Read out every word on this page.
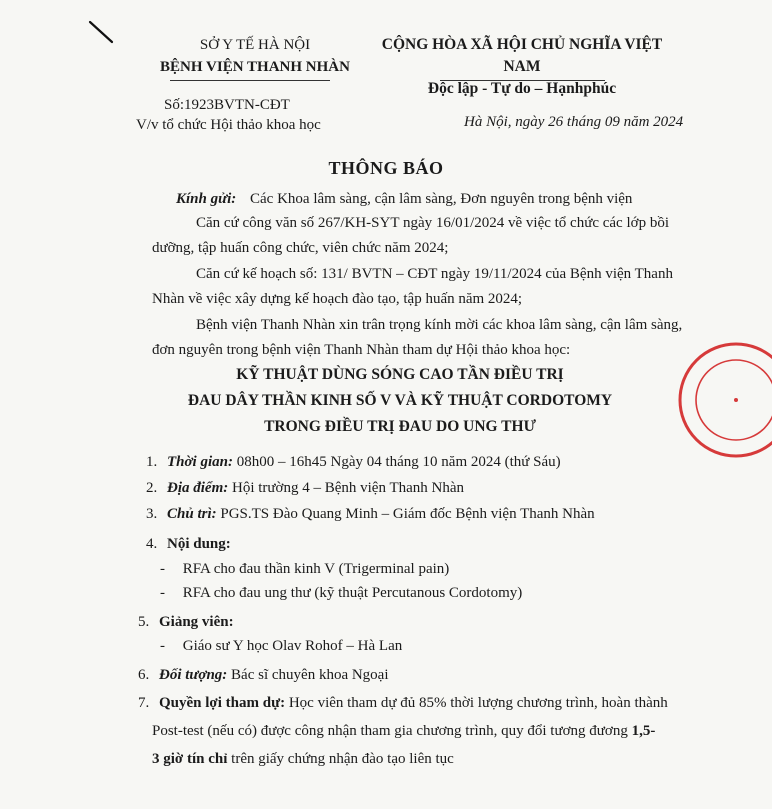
SỞ Y TẾ HÀ NỘI
BỆNH VIỆN THANH NHÀN
CỘNG HÒA XÃ HỘI CHỦ NGHĨA VIỆT NAM
Độc lập - Tự do – Hạnhphúc
Số:1923BVTN-CĐT
V/v tổ chức Hội thảo khoa học	Hà Nội, ngày 26 tháng 09 năm 2024
THÔNG BÁO
Kính gửi: Các Khoa lâm sàng, cận lâm sàng, Đơn nguyên trong bệnh viện
Căn cứ công văn số 267/KH-SYT ngày 16/01/2024 về việc tổ chức các lớp bồi
dưỡng, tập huấn công chức, viên chức năm 2024;
Căn cứ kế hoạch số: 131/ BVTN – CĐT ngày 19/11/2024 của Bệnh viện Thanh
Nhàn về việc xây dựng kế hoạch đào tạo, tập huấn năm 2024;
Bệnh viện Thanh Nhàn xin trân trọng kính mời các khoa lâm sàng, cận lâm sàng,
đơn nguyên trong bệnh viện Thanh Nhàn tham dự Hội thảo khoa học:
KỸ THUẬT DÙNG SÓNG CAO TẦN ĐIỀU TRỊ
ĐAU DÂY THẦN KINH SỐ V VÀ KỸ THUẬT CORDOTOMY
TRONG ĐIỀU TRỊ ĐAU DO UNG THƯ
1. Thời gian: 08h00 – 16h45 Ngày 04 tháng 10 năm 2024 (thứ Sáu)
2. Địa điểm: Hội trường 4 – Bệnh viện Thanh Nhàn
3. Chủ trì: PGS.TS Đào Quang Minh – Giám đốc Bệnh viện Thanh Nhàn
4. Nội dung:
- RFA cho đau thần kinh V (Trigerminal pain)
- RFA cho đau ung thư (kỹ thuật Percutanous Cordotomy)
5. Giảng viên:
- Giáo sư Y học Olav Rohof – Hà Lan
6. Đối tượng: Bác sĩ chuyên khoa Ngoại
7. Quyền lợi tham dự: Học viên tham dự đủ 85% thời lượng chương trình, hoàn thành
Post-test (nếu có) được công nhận tham gia chương trình, quy đổi tương đương 1,5-
3 giờ tín chỉ trên giấy chứng nhận đào tạo liên tục
